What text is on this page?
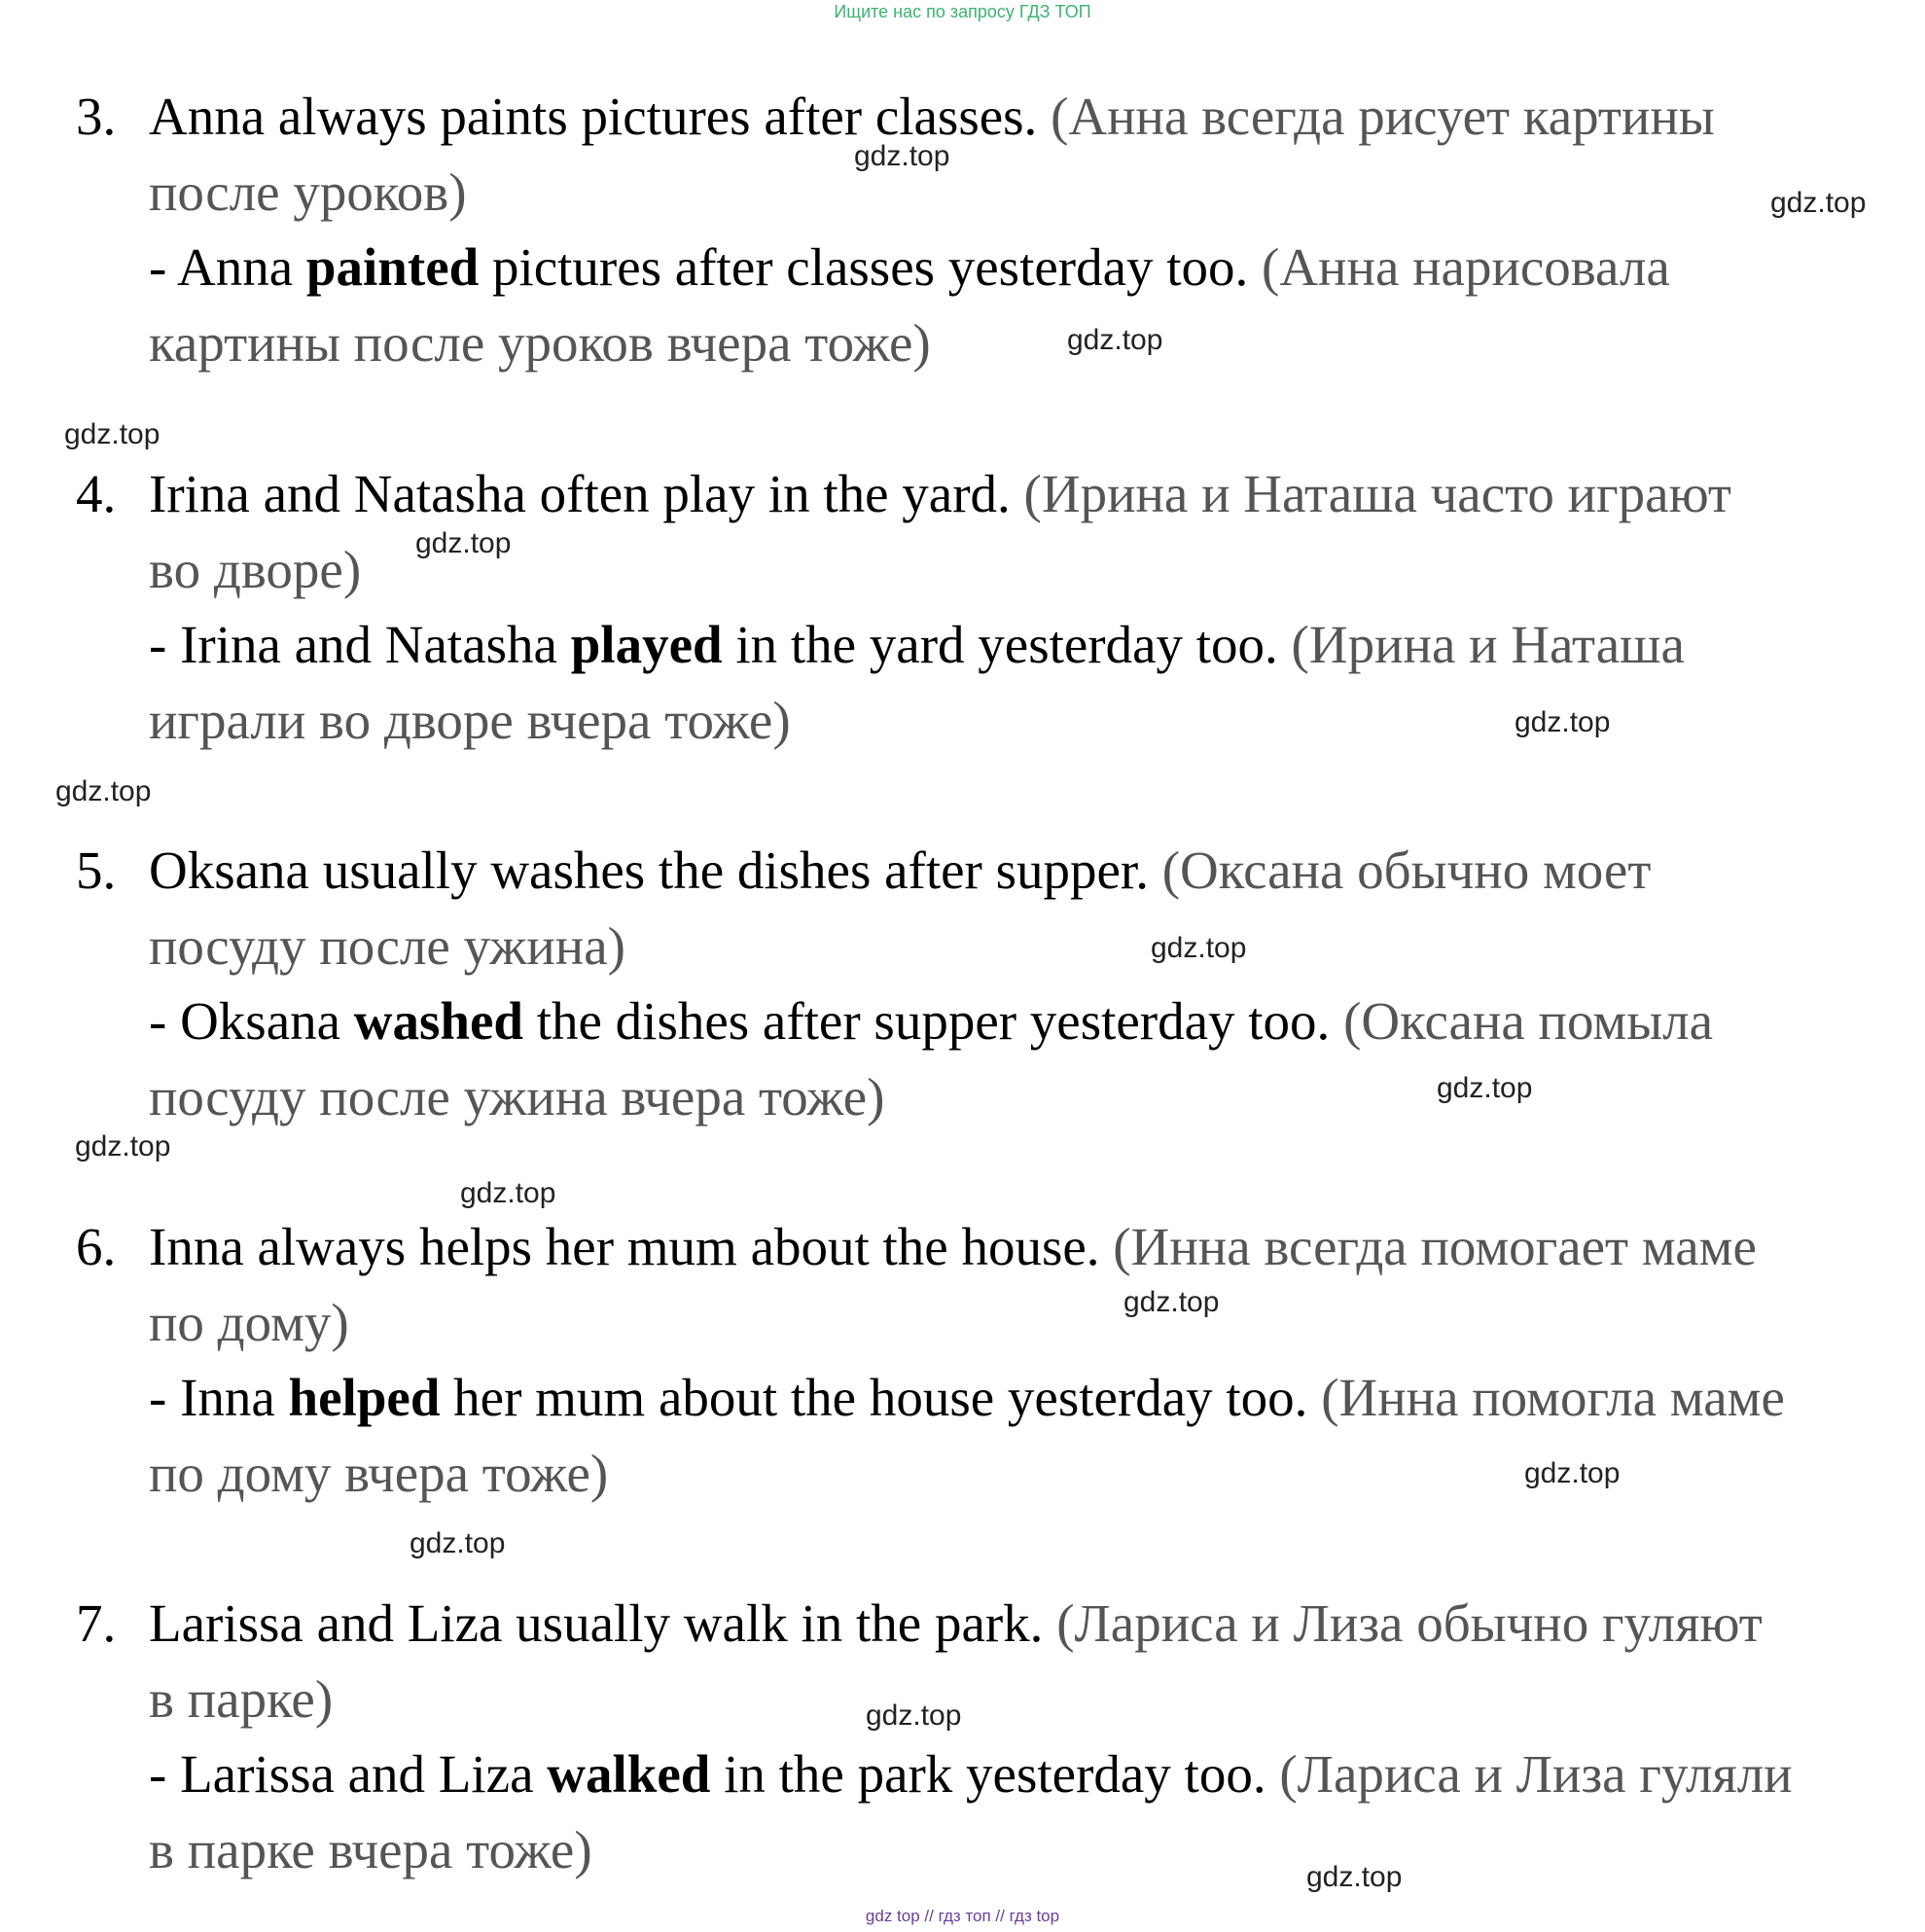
Ищите нас по запросу ГДЗ ТОП
3. Anna always paints pictures after classes. (Анна всегда рисует картины
после уроков)
- Anna painted pictures after classes yesterday too. (Анна нарисовала
картины после уроков вчера тоже)
4. Irina and Natasha often play in the yard. (Ирина и Наташа часто играют
во дворе)
- Irina and Natasha played in the yard yesterday too. (Ирина и Наташа
играли во дворе вчера тоже)
5. Oksana usually washes the dishes after supper. (Оксана обычно моет
посуду после ужина)
- Oksana washed the dishes after supper yesterday too. (Оксана помыла
посуду после ужина вчера тоже)
6. Inna always helps her mum about the house. (Инна всегда помогает маме
по дому)
- Inna helped her mum about the house yesterday too. (Инна помогла маме
по дому вчера тоже)
7. Larissa and Liza usually walk in the park. (Лариса и Лиза обычно гуляют
в парке)
- Larissa and Liza walked in the park yesterday too. (Лариса и Лиза гуляли
в парке вчера тоже)
gdz.top
gdz.top
gdz.top
gdz.top
gdz.top
gdz.top
gdz.top
gdz.top
gdz.top
gdz.top
gdz.top
gdz.top
gdz.top
gdz.top
gdz.top
gdz.top
gdz top // гдз топ // гдз top
